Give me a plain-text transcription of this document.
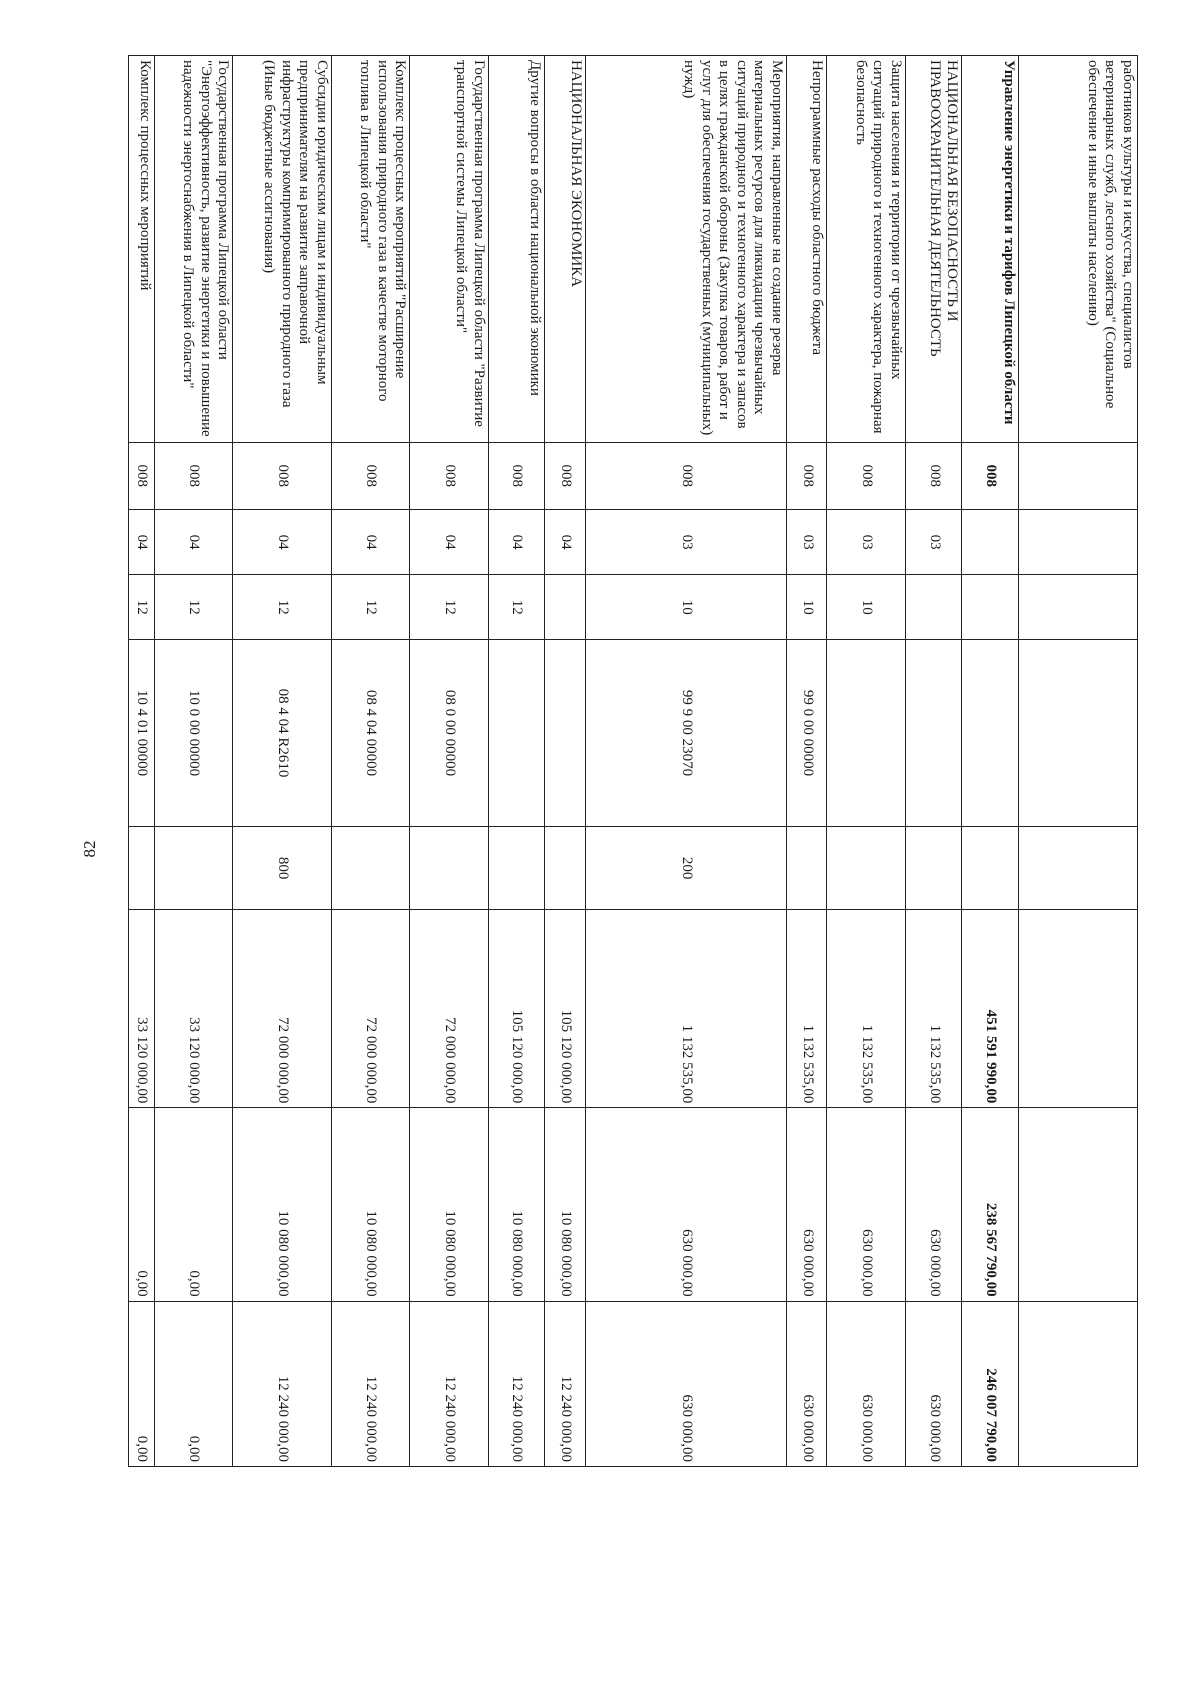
82
работников культуры и искусства, специалистов ветеринарных служб, лесного хозяйства" (Социальное обеспечение и иные выплаты населению)								
Управление энергетики и тарифов Липецкой области	008					451 591 990,00	238 567 790,00	246 007 790,00
НАЦИОНАЛЬНАЯ БЕЗОПАСНОСТЬ И ПРАВООХРАНИТЕЛЬНАЯ ДЕЯТЕЛЬНОСТЬ	008	03				1 132 535,00	630 000,00	630 000,00
Защита населения и территории от чрезвычайных ситуаций природного и техногенного характера, пожарная безопасность	008	03	10			1 132 535,00	630 000,00	630 000,00
Непрограммные расходы областного бюджета	008	03	10	99 0 00 00000		1 132 535,00	630 000,00	630 000,00
Мероприятия, направленные на создание резерва материальных ресурсов для ликвидации чрезвычайных ситуаций природного и техногенного характера и запасов в целях гражданской обороны (Закупка товаров, работ и услуг для обеспечения государственных (муниципальных) нужд)	008	03	10	99 9 00 23070	200	1 132 535,00	630 000,00	630 000,00
НАЦИОНАЛЬНАЯ ЭКОНОМИКА	008	04				105 120 000,00	10 080 000,00	12 240 000,00
Другие вопросы в области национальной экономики	008	04	12			105 120 000,00	10 080 000,00	12 240 000,00
Государственная программа Липецкой области "Развитие транспортной системы Липецкой области"	008	04	12	08 0 00 00000		72 000 000,00	10 080 000,00	12 240 000,00
Комплекс процессных мероприятий "Расширение использования природного газа в качестве моторного топлива в Липецкой области"	008	04	12	08 4 04 00000		72 000 000,00	10 080 000,00	12 240 000,00
Субсидии юридическим лицам и индивидуальным предпринимателям на развитие заправочной инфраструктуры компримированного природного газа (Иные бюджетные ассигнования)	008	04	12	08 4 04 R2610	800	72 000 000,00	10 080 000,00	12 240 000,00
Государственная программа Липецкой области "Энергоэффективность, развитие энергетики и повышение надежности энергоснабжения в Липецкой области"	008	04	12	10 0 00 00000		33 120 000,00	0,00	0,00
Комплекс процессных мероприятий	008	04	12	10 4 01 00000		33 120 000,00	0,00	0,00
